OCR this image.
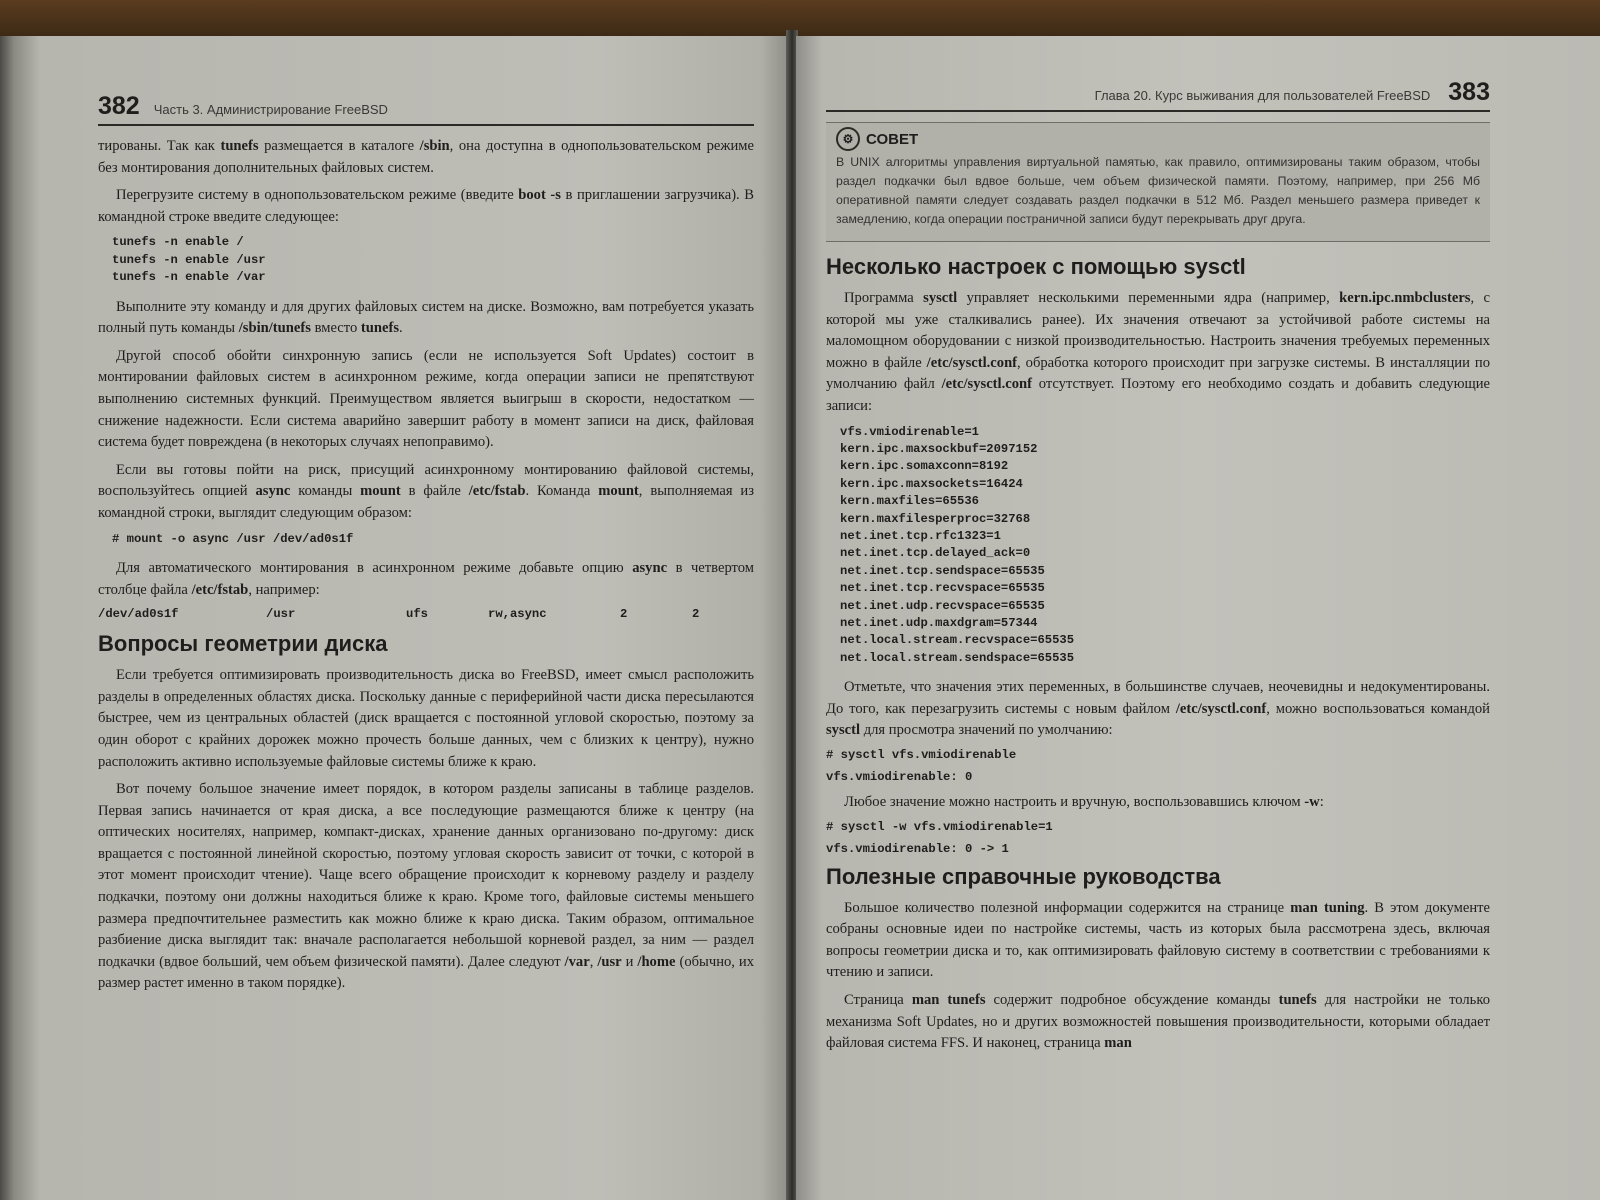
382 Часть 3. Администрирование FreeBSD

тированы. Так как tunefs размещается в каталоге /sbin, она доступна в однопользовательском режиме без монтирования дополнительных файловых систем.

Перегрузите систему в однопользовательском режиме (введите boot -s в приглашении загрузчика). В командной строке введите следующее:

tunefs -n enable /
tunefs -n enable /usr
tunefs -n enable /var

Выполните эту команду и для других файловых систем на диске. Возможно, вам потребуется указать полный путь команды /sbin/tunefs вместо tunefs.

Другой способ обойти синхронную запись (если не используется Soft Updates) состоит в монтировании файловых систем в асинхронном режиме, когда операции записи не препятствуют выполнению системных функций. Преимуществом является выигрыш в скорости, недостатком — снижение надежности. Если система аварийно завершит работу в момент записи на диск, файловая система будет повреждена (в некоторых случаях непоправимо).

Если вы готовы пойти на риск, присущий асинхронному монтированию файловой системы, воспользуйтесь опцией async команды mount в файле /etc/fstab. Команда mount, выполняемая из командной строки, выглядит следующим образом:

# mount -o async /usr /dev/ad0s1f

Для автоматического монтирования в асинхронном режиме добавьте опцию async в четвертом столбце файла /etc/fstab, например:

/dev/ad0s1f	/usr	ufs	rw,async	2	2
Вопросы геометрии диска

Если требуется оптимизировать производительность диска во FreeBSD, имеет смысл расположить разделы в определенных областях диска. Поскольку данные с периферийной части диска пересылаются быстрее, чем из центральных областей (диск вращается с постоянной угловой скоростью, поэтому за один оборот с крайних дорожек можно прочесть больше данных, чем с близких к центру), нужно расположить активно используемые файловые системы ближе к краю.

Вот почему большое значение имеет порядок, в котором разделы записаны в таблице разделов. Первая запись начинается от края диска, а все последующие размещаются ближе к центру (на оптических носителях, например, компакт-дисках, хранение данных организовано по-другому: диск вращается с постоянной линейной скоростью, поэтому угловая скорость зависит от точки, с которой в этот момент происходит чтение). Чаще всего обращение происходит к корневому разделу и разделу подкачки, поэтому они должны находиться ближе к краю. Кроме того, файловые системы меньшего размера предпочтительнее разместить как можно ближе к краю диска. Таким образом, оптимальное разбиение диска выглядит так: вначале располагается небольшой корневой раздел, за ним — раздел подкачки (вдвое больший, чем объем физической памяти). Далее следуют /var, /usr и /home (обычно, их размер растет именно в таком порядке).

Глава 20. Курс выживания для пользователей FreeBSD 383
⚙ СОВЕТ

В UNIX алгоритмы управления виртуальной памятью, как правило, оптимизированы таким образом, чтобы раздел подкачки был вдвое больше, чем объем физической памяти. Поэтому, например, при 256 Мб оперативной памяти следует создавать раздел подкачки в 512 Мб. Раздел меньшего размера приведет к замедлению, когда операции постраничной записи будут перекрывать друг друга.

Несколько настроек с помощью sysctl

Программа sysctl управляет несколькими переменными ядра (например, kern.ipc.nmbclusters, с которой мы уже сталкивались ранее). Их значения отвечают за устойчивой работе системы на маломощном оборудовании с низкой производительностью. Настроить значения требуемых переменных можно в файле /etc/sysctl.conf, обработка которого происходит при загрузке системы. В инсталляции по умолчанию файл /etc/sysctl.conf отсутствует. Поэтому его необходимо создать и добавить следующие записи:

vfs.vmiodirenable=1
kern.ipc.maxsockbuf=2097152
kern.ipc.somaxconn=8192
kern.ipc.maxsockets=16424
kern.maxfiles=65536
kern.maxfilesperproc=32768
net.inet.tcp.rfc1323=1
net.inet.tcp.delayed_ack=0
net.inet.tcp.sendspace=65535
net.inet.tcp.recvspace=65535
net.inet.udp.recvspace=65535
net.inet.udp.maxdgram=57344
net.local.stream.recvspace=65535
net.local.stream.sendspace=65535

Отметьте, что значения этих переменных, в большинстве случаев, неочевидны и недокументированы. До того, как перезагрузить системы с новым файлом /etc/sysctl.conf, можно воспользоваться командой sysctl для просмотра значений по умолчанию:

# sysctl vfs.vmiodirenable
vfs.vmiodirenable: 0

Любое значение можно настроить и вручную, воспользовавшись ключом -w:

# sysctl -w vfs.vmiodirenable=1
vfs.vmiodirenable: 0 -> 1
Полезные справочные руководства

Большое количество полезной информации содержится на странице man tuning. В этом документе собраны основные идеи по настройке системы, часть из которых была рассмотрена здесь, включая вопросы геометрии диска и то, как оптимизировать файловую систему в соответствии с требованиями к чтению и записи.

Страница man tunefs содержит подробное обсуждение команды tunefs для настройки не только механизма Soft Updates, но и других возможностей повышения производительности, которыми обладает файловая система FFS. И наконец, страница man
